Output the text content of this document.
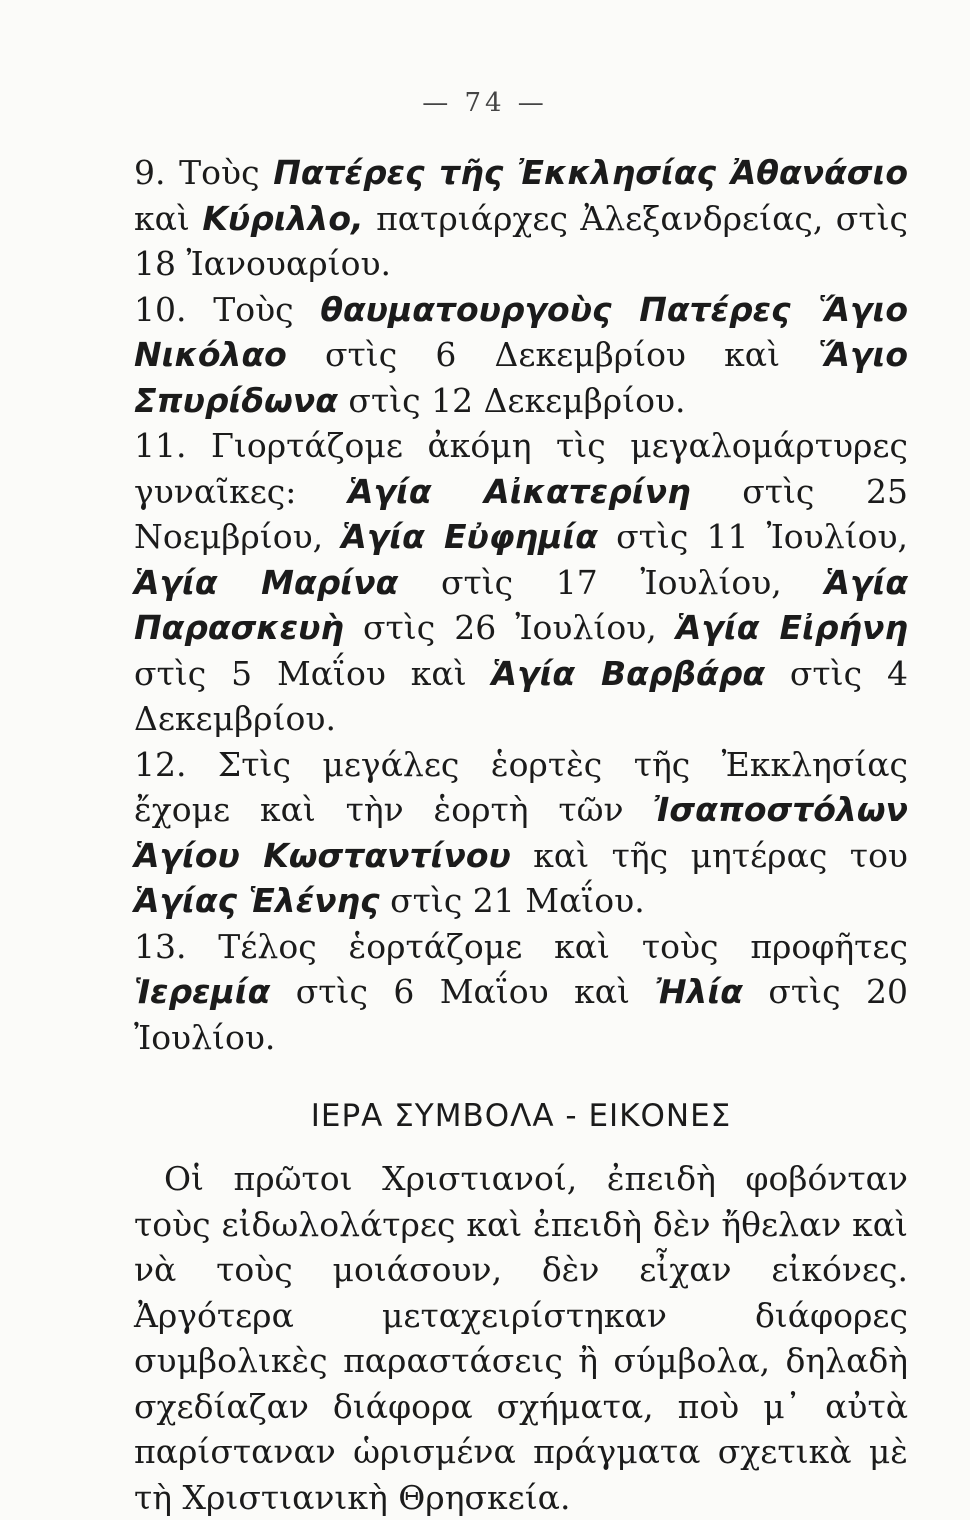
— 74 —

9. Τοὺς Πατέρες τῆς Ἐκκλησίας Ἀθανάσιο καὶ Κύριλλο, πατριάρχες Ἀλεξανδρείας, στὶς 18 Ἰανουαρίου.

10. Τοὺς θαυματουργοὺς Πατέρες Ἅγιο Νικόλαο στὶς 6 Δεκεμβρίου καὶ Ἅγιο Σπυρίδωνα στὶς 12 Δεκεμβρίου.

11. Γιορτάζομε ἀκόμη τὶς μεγαλομάρτυρες γυναῖκες: Ἁγία Αἰκατερίνη στὶς 25 Νοεμβρίου, Ἁγία Εὐφημία στὶς 11 Ἰουλίου, Ἁγία Μαρίνα στὶς 17 Ἰουλίου, Ἁγία Παρασκευὴ στὶς 26 Ἰουλίου, Ἁγία Εἰρήνη στὶς 5 Μαΐου καὶ Ἁγία Βαρβάρα στὶς 4 Δεκεμβρίου.

12. Στὶς μεγάλες ἑορτὲς τῆς Ἐκκλησίας ἔχομε καὶ τὴν ἑορτὴ τῶν Ἰσαποστόλων Ἁγίου Κωσταντίνου καὶ τῆς μητέρας του Ἁγίας Ἑλένης στὶς 21 Μαΐου.

13. Τέλος ἑορτάζομε καὶ τοὺς προφῆτες Ἱερεμία στὶς 6 Μαΐου καὶ Ἠλία στὶς 20 Ἰουλίου.

ΙΕΡΑ ΣΥΜΒΟΛΑ - ΕΙΚΟΝΕΣ

Οἱ πρῶτοι Χριστιανοί, ἐπειδὴ φοβόνταν τοὺς εἰδωλολάτρες καὶ ἐπειδὴ δὲν ἤθελαν καὶ νὰ τοὺς μοιάσουν, δὲν εἶχαν εἰκόνες. Ἀργότερα μεταχειρίστηκαν διάφορες συμβολικὲς παραστάσεις ἢ σύμβολα, δηλαδὴ σχεδίαζαν διάφορα σχήματα, ποὺ μ᾽ αὐτὰ παρίσταναν ὡρισμένα πράγματα σχετικὰ μὲ τὴ Χριστιανικὴ Θρησκεία.
